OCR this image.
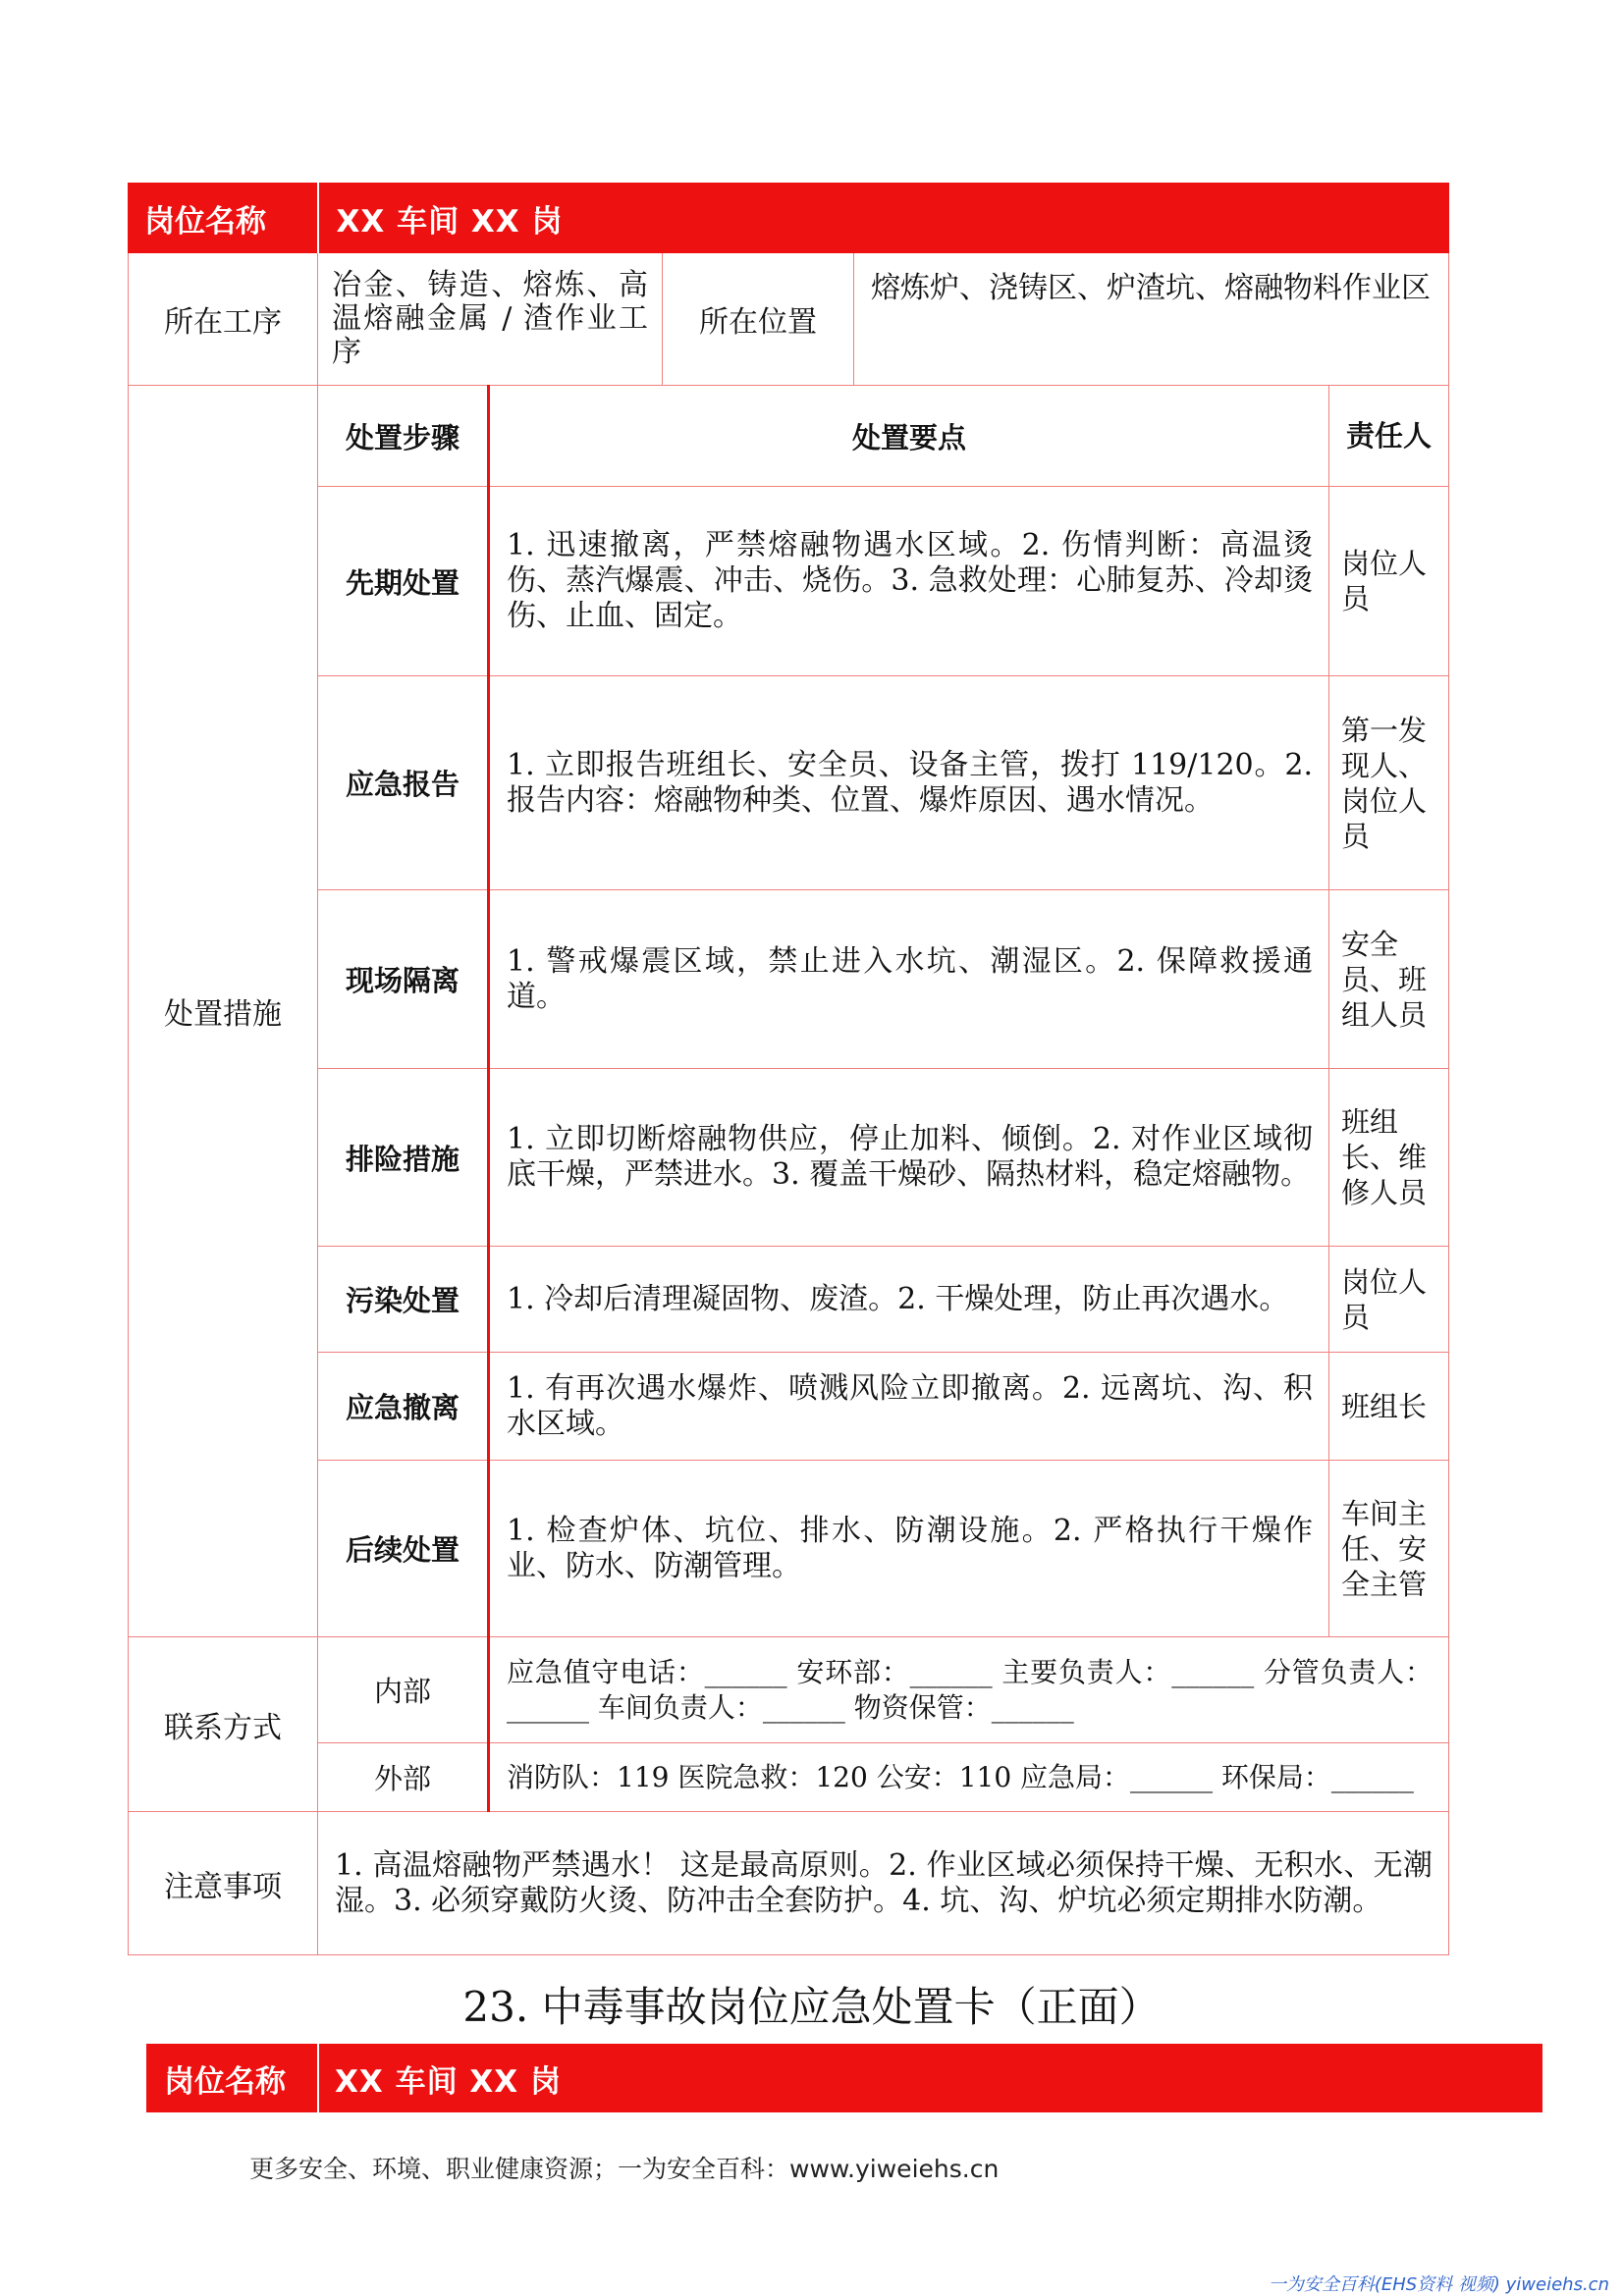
岗位名称	XX 车间 XX 岗				
所在工序	冶金、铸造、熔炼、高温熔融金属 / 渣作业工序		所在位置	熔炼炉、浇铸区、炉渣坑、熔融物料作业区	
处置措施	处置步骤	处置要点			责任人
	先期处置	1. 迅速撤离，严禁熔融物遇水区域。2. 伤情判断：高温烫伤、蒸汽爆震、冲击、烧伤。3. 急救处理：心肺复苏、冷却烫伤、止血、固定。			岗位人员
	应急报告	1. 立即报告班组长、安全员、设备主管，拨打 119/120。2. 报告内容：熔融物种类、位置、爆炸原因、遇水情况。			第一发现人、岗位人员
	现场隔离	1. 警戒爆震区域，禁止进入水坑、潮湿区。2. 保障救援通道。			安全员、班组人员
	排险措施	1. 立即切断熔融物供应，停止加料、倾倒。2. 对作业区域彻底干燥，严禁进水。3. 覆盖干燥砂、隔热材料，稳定熔融物。			班组长、维修人员
	污染处置	1. 冷却后清理凝固物、废渣。2. 干燥处理，防止再次遇水。			岗位人员
	应急撤离	1. 有再次遇水爆炸、喷溅风险立即撤离。2. 远离坑、沟、积水区域。			班组长
	后续处置	1. 检查炉体、坑位、排水、防潮设施。2. 严格执行干燥作业、防水、防潮管理。			车间主任、安全主管
联系方式	内部	应急值守电话：______ 安环部：______ 主要负责人：______ 分管负责人：______ 车间负责人：______ 物资保管：______			
	外部	消防队：119 医院急救：120 公安：110 应急局：______ 环保局：______			
注意事项	1. 高温熔融物严禁遇水！ 这是最高原则。2. 作业区域必须保持干燥、无积水、无潮湿。3. 必须穿戴防火烫、防冲击全套防护。4. 坑、沟、炉坑必须定期排水防潮。				
23. 中毒事故岗位应急处置卡（正面）
岗位名称	XX 车间 XX 岗
更多安全、环境、职业健康资源；一为安全百科：www.yiweiehs.cn
一为安全百科(EHS资料 视频) yiweiehs.cn
